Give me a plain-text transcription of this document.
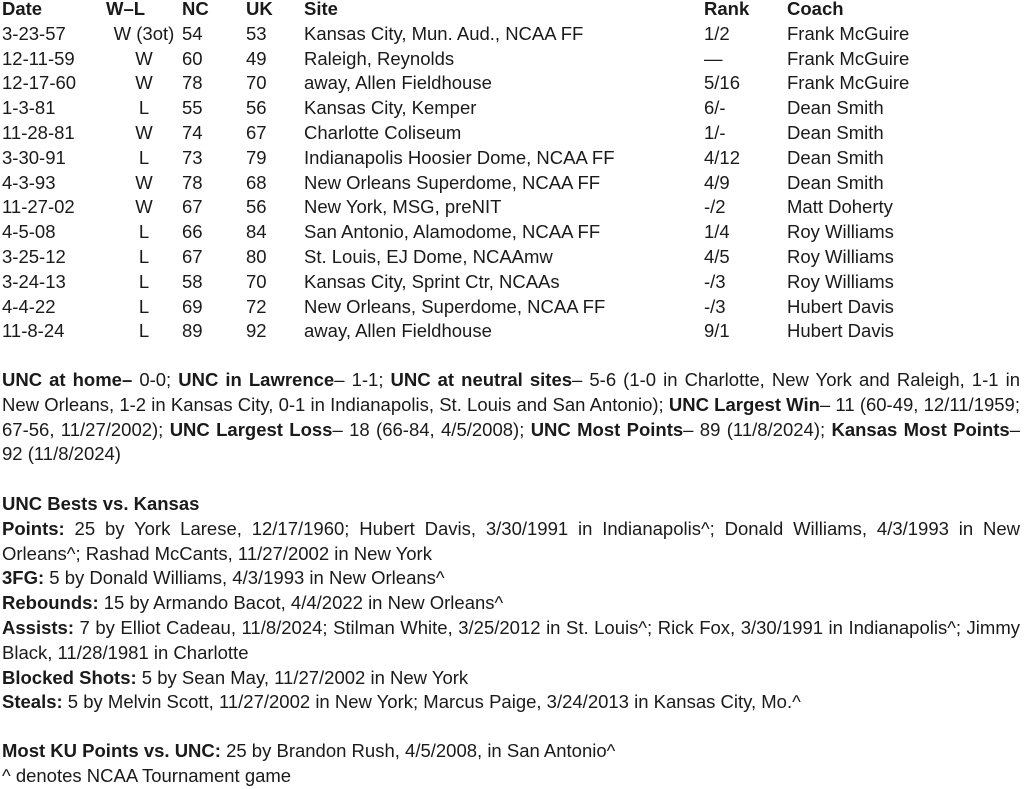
Date	W–L	NC	UK	Site	Rank	Coach
3-23-57	W (3ot)	54	53	Kansas City, Mun. Aud., NCAA FF	1/2	Frank McGuire
12-11-59	W	60	49	Raleigh, Reynolds	—	Frank McGuire
12-17-60	W	78	70	away, Allen Fieldhouse	5/16	Frank McGuire
1-3-81	L	55	56	Kansas City, Kemper	6/-	Dean Smith
11-28-81	W	74	67	Charlotte Coliseum	1/-	Dean Smith
3-30-91	L	73	79	Indianapolis Hoosier Dome, NCAA FF	4/12	Dean Smith
4-3-93	W	78	68	New Orleans Superdome, NCAA FF	4/9	Dean Smith
11-27-02	W	67	56	New York, MSG, preNIT	-/2	Matt Doherty
4-5-08	L	66	84	San Antonio, Alamodome, NCAA FF	1/4	Roy Williams
3-25-12	L	67	80	St. Louis, EJ Dome, NCAAmw	4/5	Roy Williams
3-24-13	L	58	70	Kansas City, Sprint Ctr, NCAAs	-/3	Roy Williams
4-4-22	L	69	72	New Orleans, Superdome, NCAA FF	-/3	Hubert Davis
11-8-24	L	89	92	away, Allen Fieldhouse	9/1	Hubert Davis

UNC at home– 0-0; UNC in Lawrence– 1-1; UNC at neutral sites– 5-6 (1-0 in Charlotte, New York and Raleigh, 1-1 in New Orleans, 1-2 in Kansas City, 0-1 in Indianapolis, St. Louis and San Antonio); UNC Largest Win– 11 (60-49, 12/11/1959; 67-56, 11/27/2002); UNC Largest Loss– 18 (66-84, 4/5/2008); UNC Most Points– 89 (11/8/2024); Kansas Most Points– 92 (11/8/2024)

UNC Bests vs. Kansas

Points: 25 by York Larese, 12/17/1960; Hubert Davis, 3/30/1991 in Indianapolis^; Donald Williams, 4/3/1993 in New Orleans^; Rashad McCants, 11/27/2002 in New York

3FG: 5 by Donald Williams, 4/3/1993 in New Orleans^

Rebounds: 15 by Armando Bacot, 4/4/2022 in New Orleans^

Assists: 7 by Elliot Cadeau, 11/8/2024; Stilman White, 3/25/2012 in St. Louis^; Rick Fox, 3/30/1991 in Indianapolis^; Jimmy Black, 11/28/1981 in Charlotte

Blocked Shots: 5 by Sean May, 11/27/2002 in New York

Steals: 5 by Melvin Scott, 11/27/2002 in New York; Marcus Paige, 3/24/2013 in Kansas City, Mo.^

Most KU Points vs. UNC: 25 by Brandon Rush, 4/5/2008, in San Antonio^

^ denotes NCAA Tournament game
